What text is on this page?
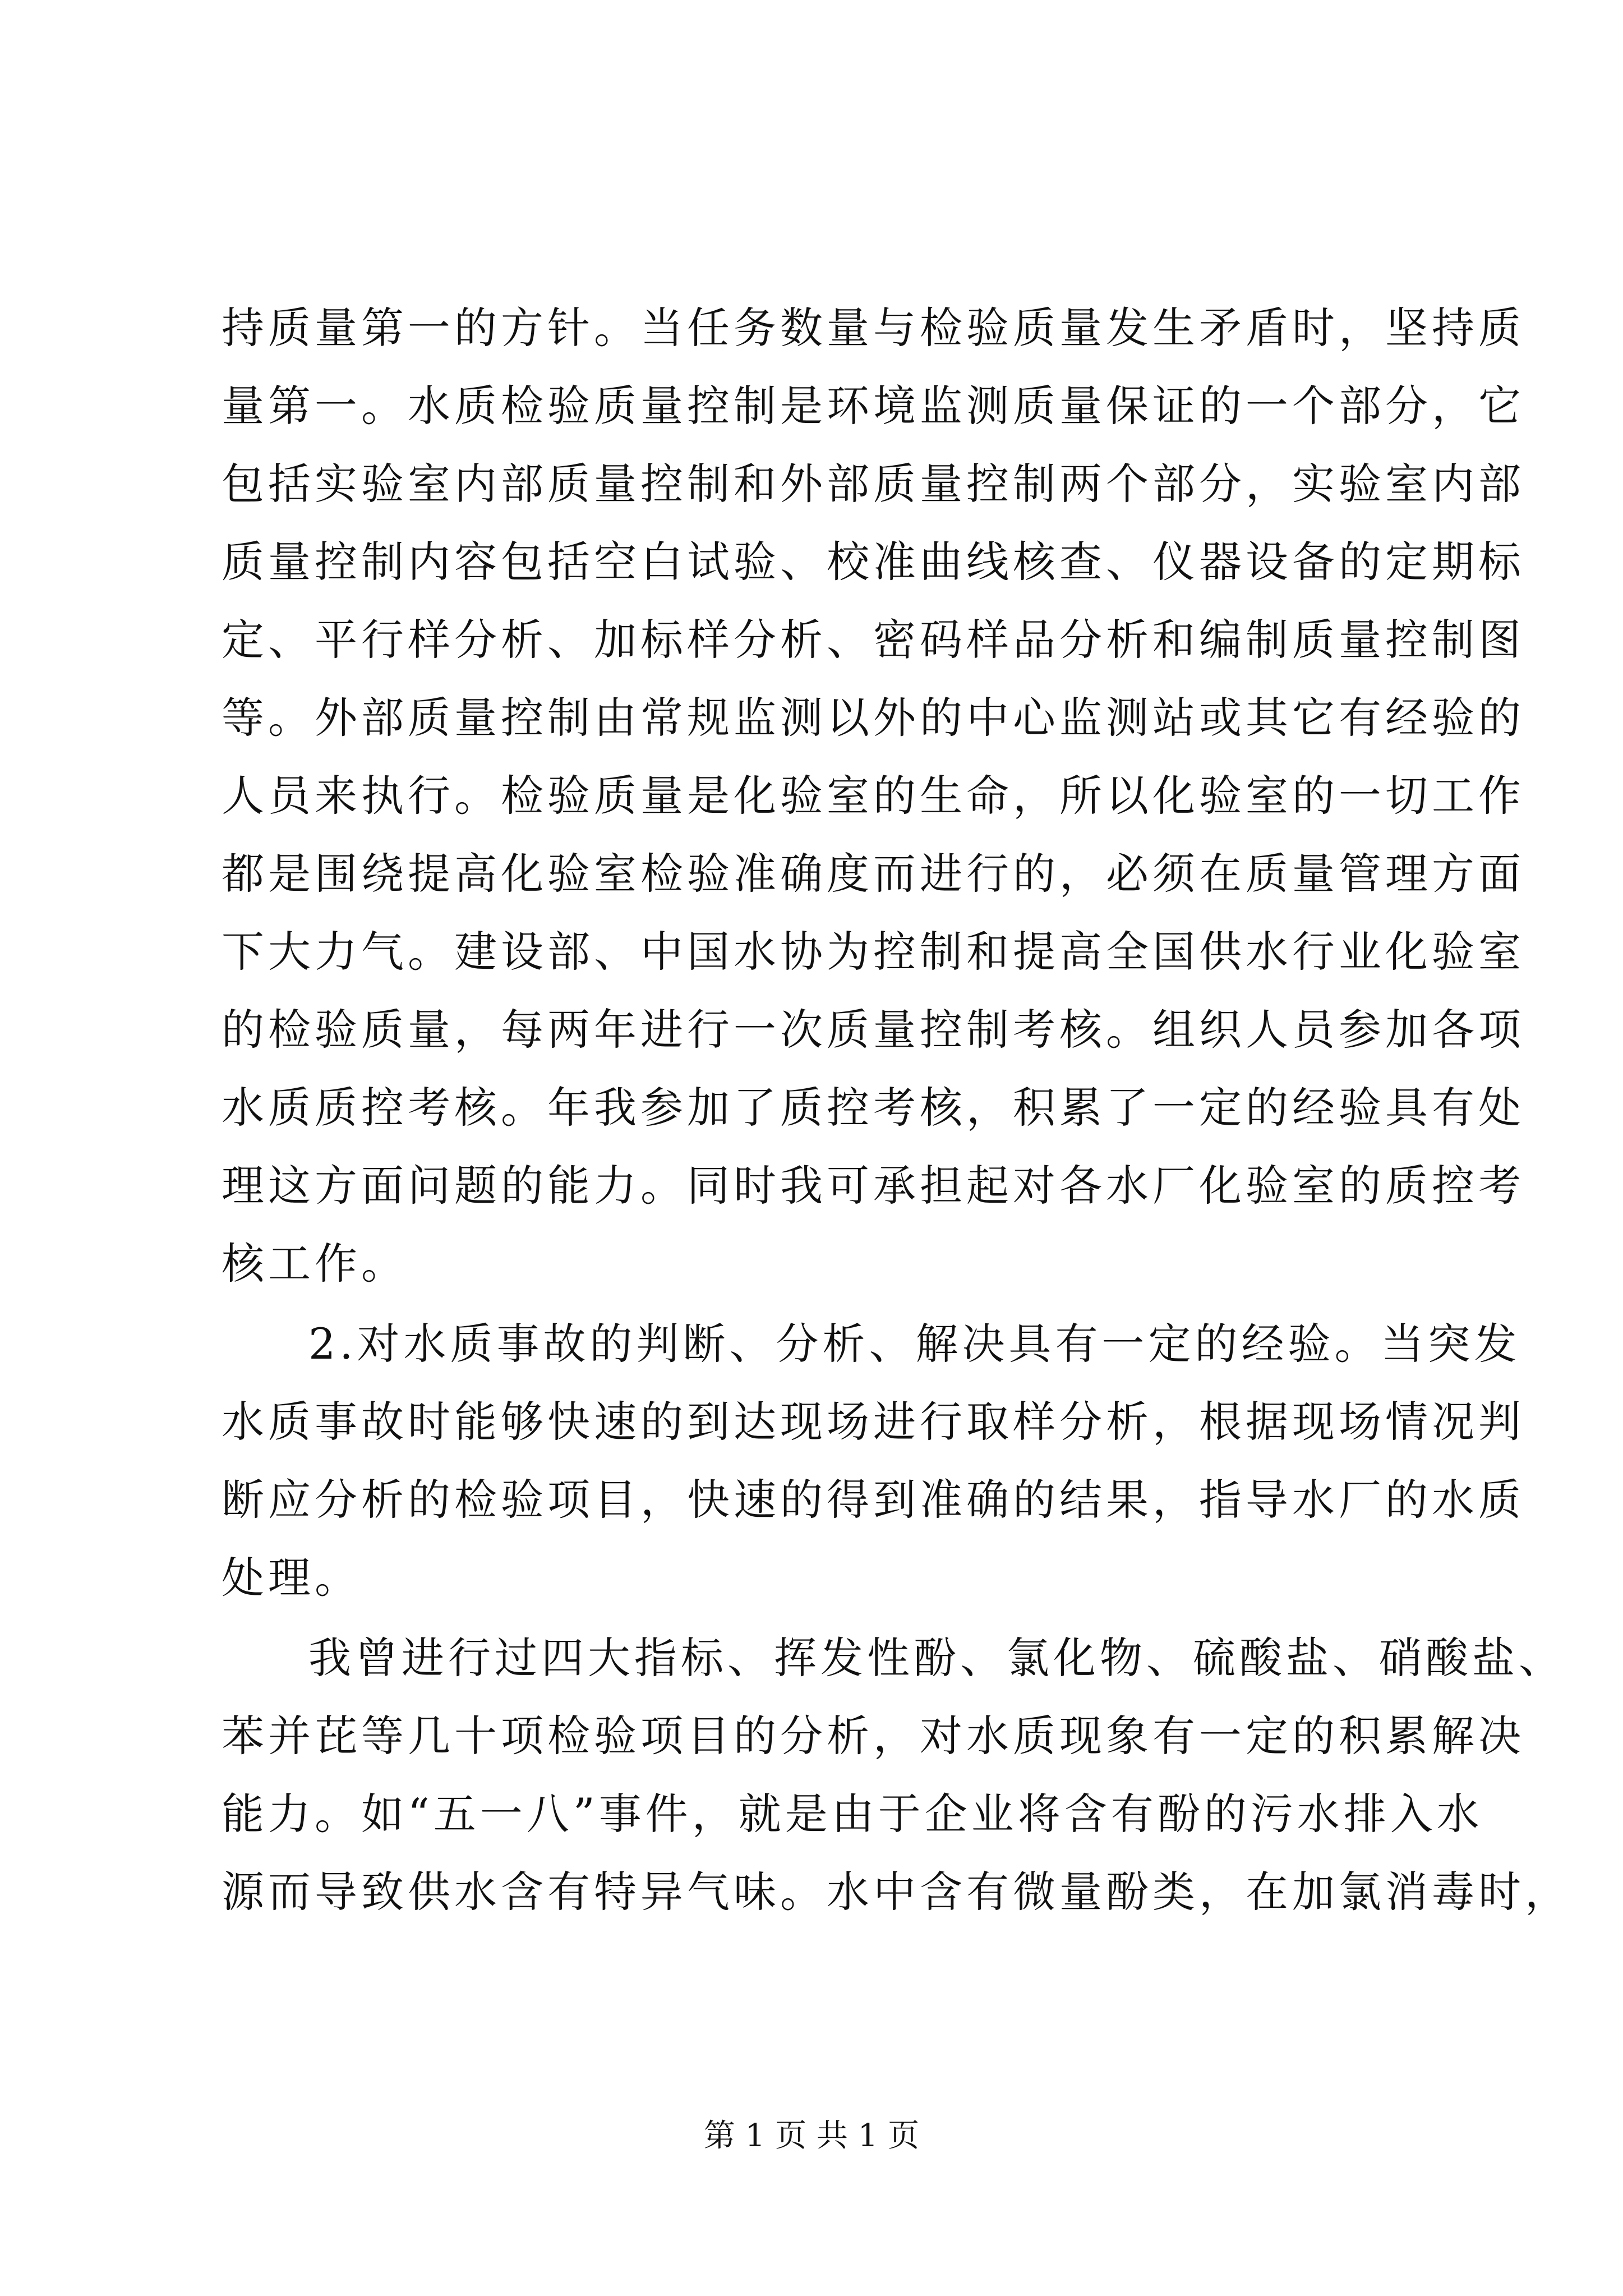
持质量第一的方针。当任务数量与检验质量发生矛盾时，坚持质
量第一。水质检验质量控制是环境监测质量保证的一个部分，它
包括实验室内部质量控制和外部质量控制两个部分，实验室内部
质量控制内容包括空白试验、校准曲线核查、仪器设备的定期标
定、平行样分析、加标样分析、密码样品分析和编制质量控制图
等。外部质量控制由常规监测以外的中心监测站或其它有经验的
人员来执行。检验质量是化验室的生命，所以化验室的一切工作
都是围绕提高化验室检验准确度而进行的，必须在质量管理方面
下大力气。建设部、中国水协为控制和提高全国供水行业化验室
的检验质量，每两年进行一次质量控制考核。组织人员参加各项
水质质控考核。年我参加了质控考核，积累了一定的经验具有处
理这方面问题的能力。同时我可承担起对各水厂化验室的质控考
核工作。
2.对水质事故的判断、分析、解决具有一定的经验。当突发
水质事故时能够快速的到达现场进行取样分析，根据现场情况判
断应分析的检验项目，快速的得到准确的结果，指导水厂的水质
处理。
我曾进行过四大指标、挥发性酚、氯化物、硫酸盐、硝酸盐、
苯并芘等几十项检验项目的分析，对水质现象有一定的积累解决
能力。如“五一八”事件，就是由于企业将含有酚的污水排入水
源而导致供水含有特异气味。水中含有微量酚类，在加氯消毒时，
第 1 页 共 1 页
